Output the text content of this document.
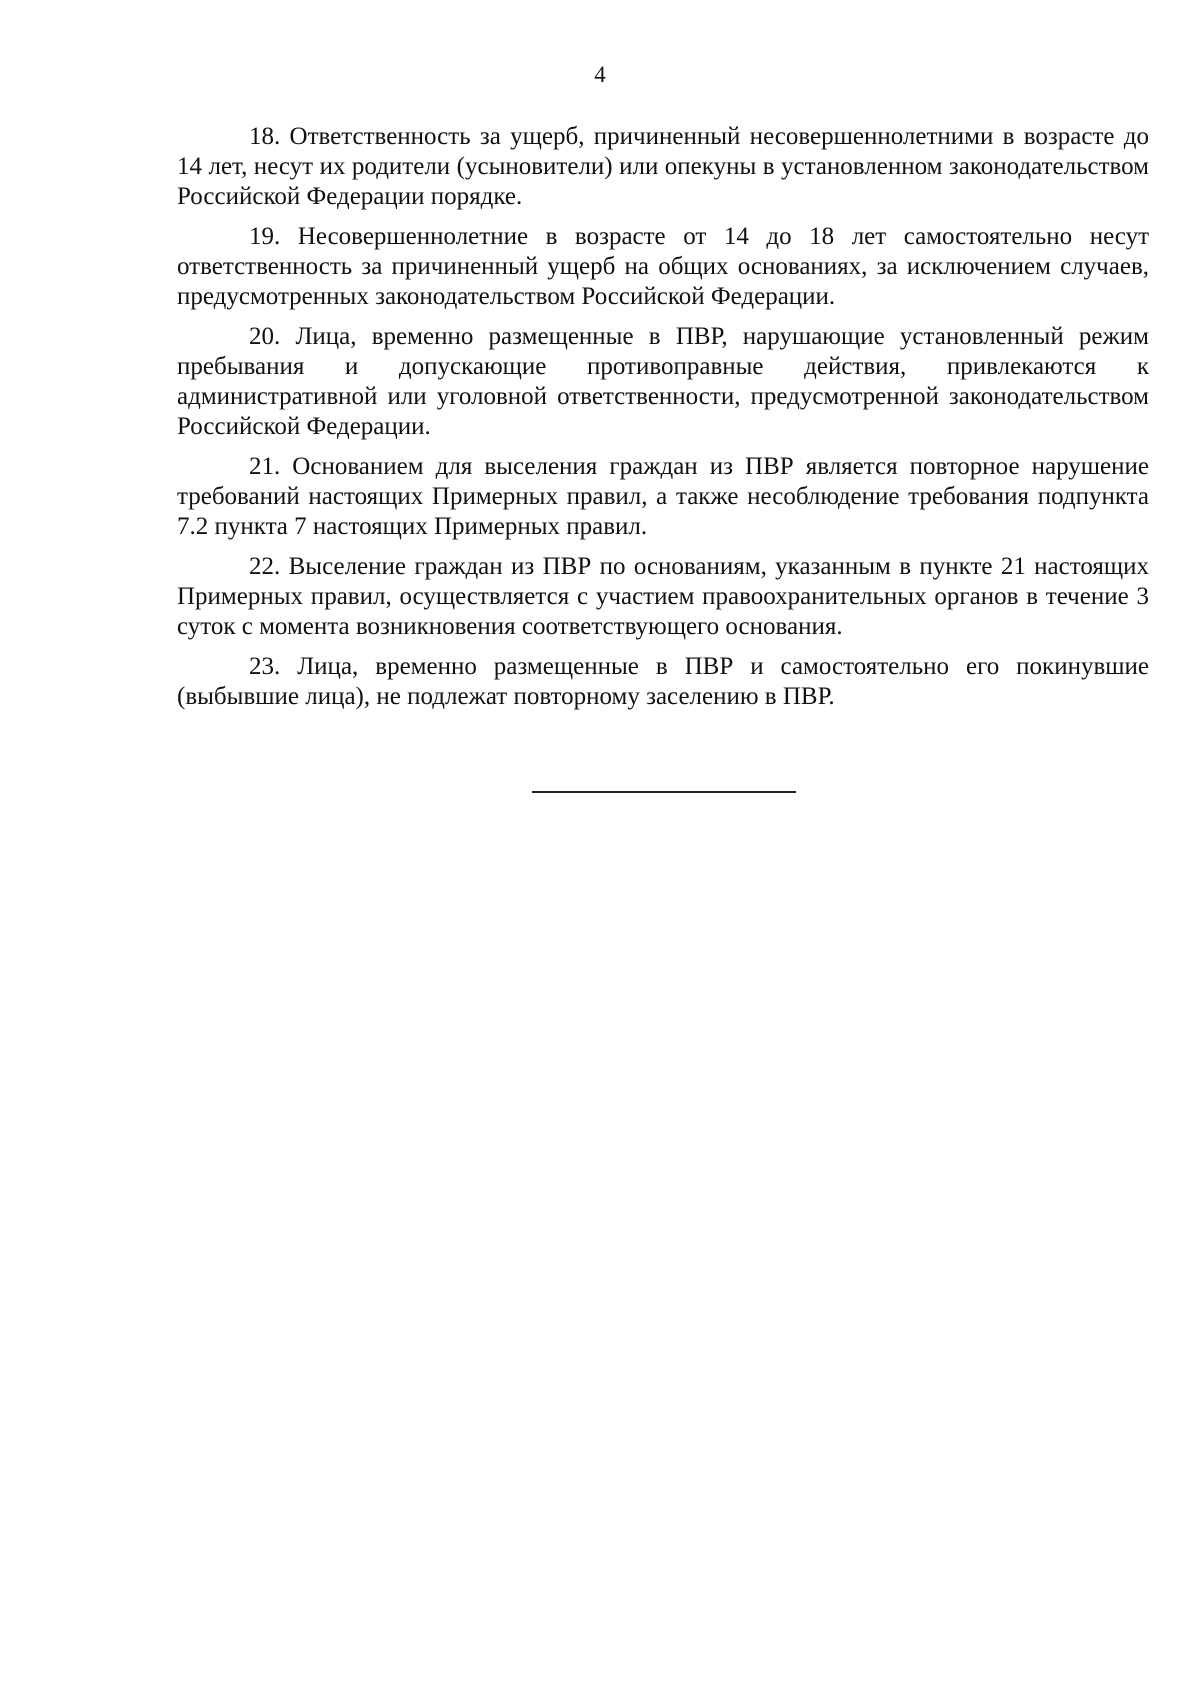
4

18. Ответственность за ущерб, причиненный несовершеннолетними в возрасте до 14 лет, несут их родители (усыновители) или опекуны в установленном законодательством Российской Федерации порядке.

19. Несовершеннолетние в возрасте от 14 до 18 лет самостоятельно несут ответственность за причиненный ущерб на общих основаниях, за исключением случаев, предусмотренных законодательством Российской Федерации.

20. Лица, временно размещенные в ПВР, нарушающие установленный режим пребывания и допускающие противоправные действия, привлекаются к административной или уголовной ответственности, предусмотренной законодательством Российской Федерации.

21. Основанием для выселения граждан из ПВР является повторное нарушение требований настоящих Примерных правил, а также несоблюдение требования подпункта 7.2 пункта 7 настоящих Примерных правил.

22. Выселение граждан из ПВР по основаниям, указанным в пункте 21 настоящих Примерных правил, осуществляется с участием правоохранительных органов в течение 3 суток с момента возникновения соответствующего основания.

23. Лица, временно размещенные в ПВР и самостоятельно его покинувшие (выбывшие лица), не подлежат повторному заселению в ПВР.
